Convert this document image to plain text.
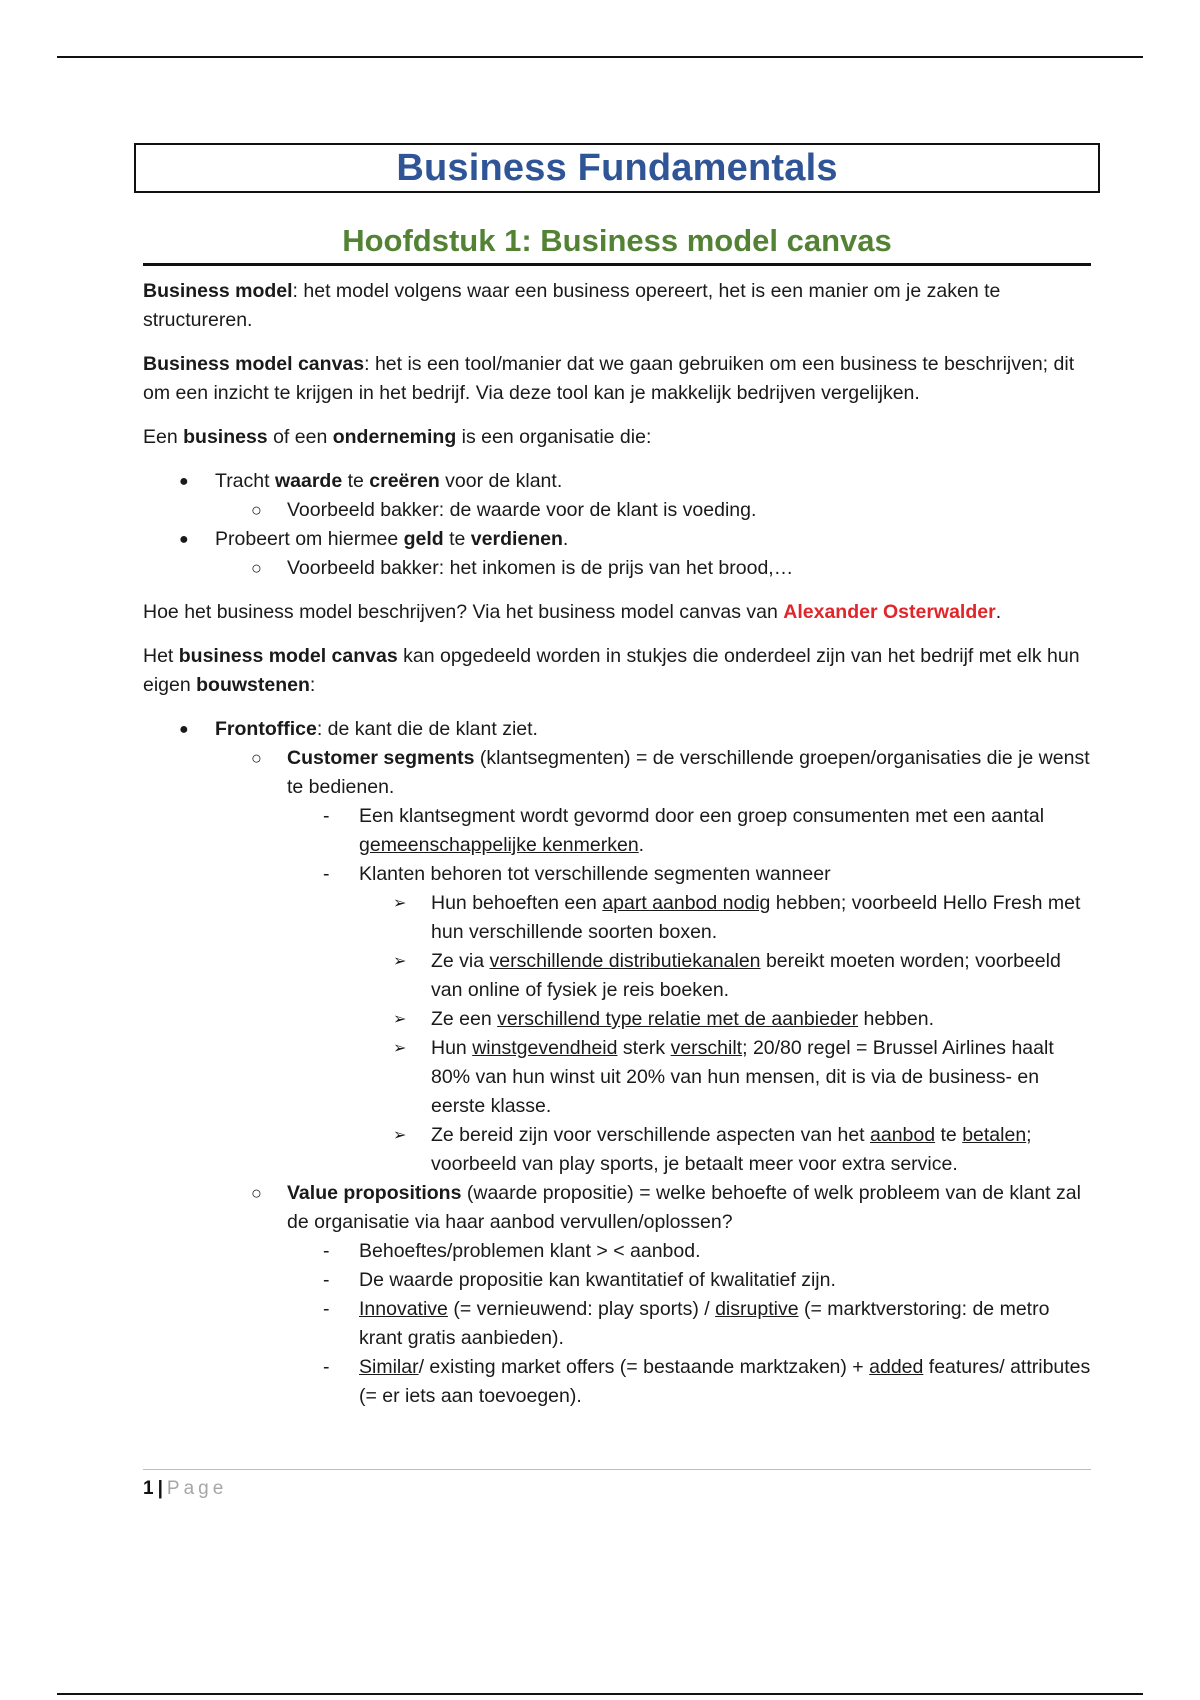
Business Fundamentals
Hoofdstuk 1: Business model canvas

Business model: het model volgens waar een business opereert, het is een manier om je zaken te structureren.

Business model canvas: het is een tool/manier dat we gaan gebruiken om een business te beschrijven; dit om een inzicht te krijgen in het bedrijf. Via deze tool kan je makkelijk bedrijven vergelijken.

Een business of een onderneming is een organisatie die:

● Tracht waarde te creëren voor de klant.
○ Voorbeeld bakker: de waarde voor de klant is voeding.
● Probeert om hiermee geld te verdienen.
○ Voorbeeld bakker: het inkomen is de prijs van het brood,…

Hoe het business model beschrijven? Via het business model canvas van Alexander Osterwalder.

Het business model canvas kan opgedeeld worden in stukjes die onderdeel zijn van het bedrijf met elk hun eigen bouwstenen:

● Frontoffice: de kant die de klant ziet.
○ Customer segments (klantsegmenten) = de verschillende groepen/organisaties die je wenst te bedienen.
- Een klantsegment wordt gevormd door een groep consumenten met een aantal gemeenschappelijke kenmerken.
- Klanten behoren tot verschillende segmenten wanneer
➢ Hun behoeften een apart aanbod nodig hebben; voorbeeld Hello Fresh met hun verschillende soorten boxen.
➢ Ze via verschillende distributiekanalen bereikt moeten worden; voorbeeld van online of fysiek je reis boeken.
➢ Ze een verschillend type relatie met de aanbieder hebben.
➢ Hun winstgevendheid sterk verschilt; 20/80 regel = Brussel Airlines haalt 80% van hun winst uit 20% van hun mensen, dit is via de business- en eerste klasse.
➢ Ze bereid zijn voor verschillende aspecten van het aanbod te betalen; voorbeeld van play sports, je betaalt meer voor extra service.
○ Value propositions (waarde propositie) = welke behoefte of welk probleem van de klant zal de organisatie via haar aanbod vervullen/oplossen?
- Behoeftes/problemen klant > < aanbod.
- De waarde propositie kan kwantitatief of kwalitatief zijn.
- Innovative (= vernieuwend: play sports) / disruptive (= marktverstoring: de metro krant gratis aanbieden).
- Similar/ existing market offers (= bestaande marktzaken) + added features/ attributes (= er iets aan toevoegen).
1 | Page
